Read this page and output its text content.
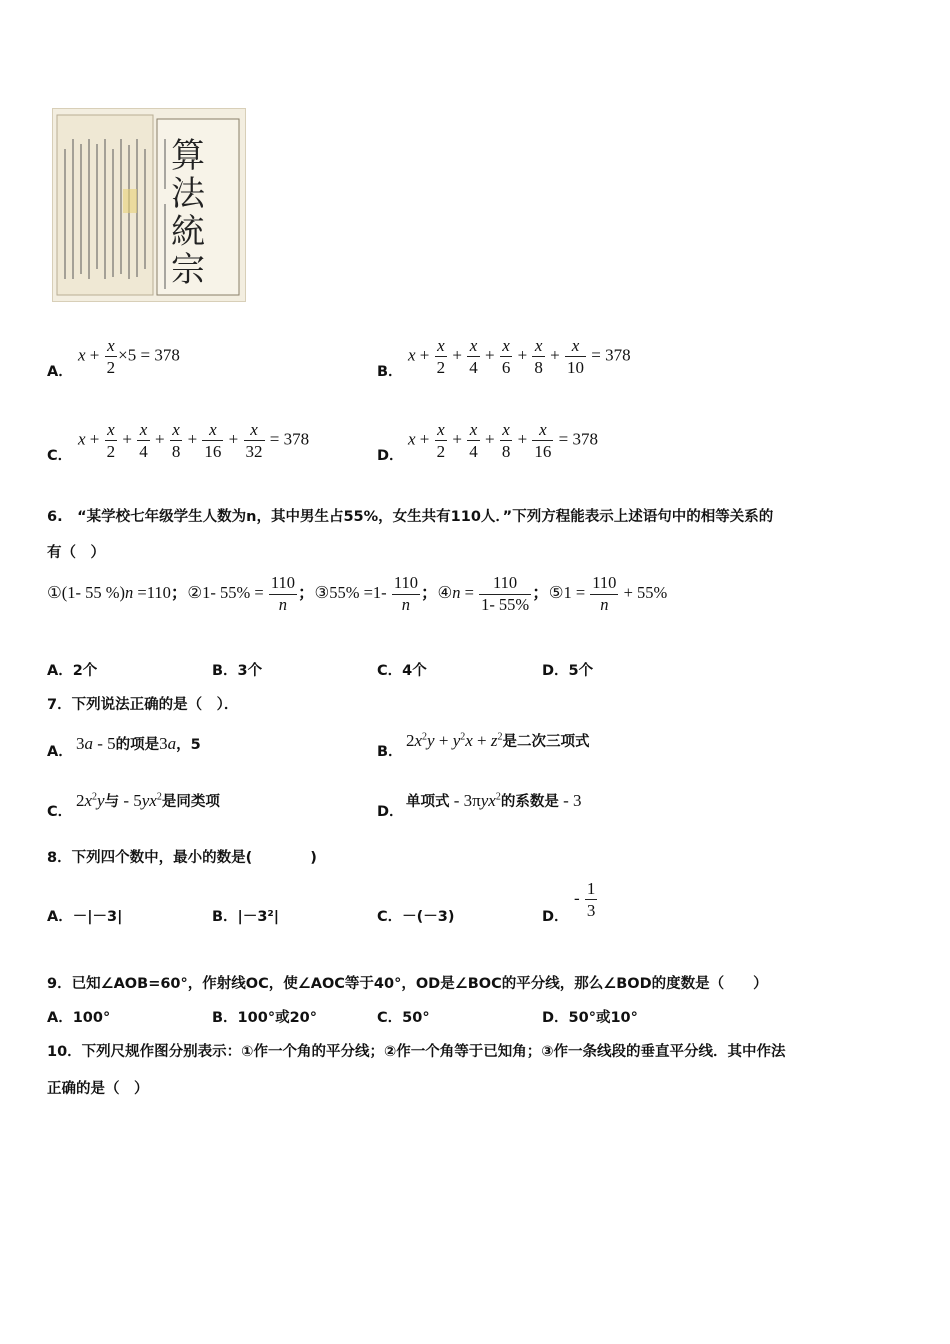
算法統宗
A．
$x + \frac{x}{2} \times 5 = 378$
B．
$x + \frac{x}{2} + \frac{x}{4} + \frac{x}{6} + \frac{x}{8} + \frac{x}{10} = 378$
C．
$x + \frac{x}{2} + \frac{x}{4} + \frac{x}{8} + \frac{x}{16} + \frac{x}{32} = 378$
D．
$x + \frac{x}{2} + \frac{x}{4} + \frac{x}{8} + \frac{x}{16} = 378$
6.　“某学校七年级学生人数为n，其中男生占55%，女生共有110人．”下列方程能表示上述语句中的相等关系的
有（　）
①(1- 55 %)n =110；②1- $55\% = \frac{110}{n}$ ；③55% $=1- \frac{110}{n}$ ；④n = $\frac{110}{1- 55\%}$ ；⑤1 = $\frac{110}{n} + 55\%$
A．2个	B．3个	C．4个	D．5个
7．下列说法正确的是（　）．
A． 3a - 5的项是3a，5	B．
$2x^2y + y^2x + z^2$是二次三项式
C．
$2x^2y$与 - $5yx^2$是同类项
D．
单项式 - 3πyx$^2$的系数是 - 3
8．下列四个数中，最小的数是(　　　　)
A．－|－3|	B．|－3²|	C．－(－3)	D．
- $\frac{1}{3}$
9．已知∠AOB=60°，作射线OC，使∠AOC等于40°，OD是∠BOC的平分线，那么∠BOD的度数是（　　）
A．100°	B．100°或20°	C．50°	D．50°或10°
10．下列尺规作图分别表示：①作一个角的平分线；②作一个角等于已知角；③作一条线段的垂直平分线．其中作法
正确的是（　）
